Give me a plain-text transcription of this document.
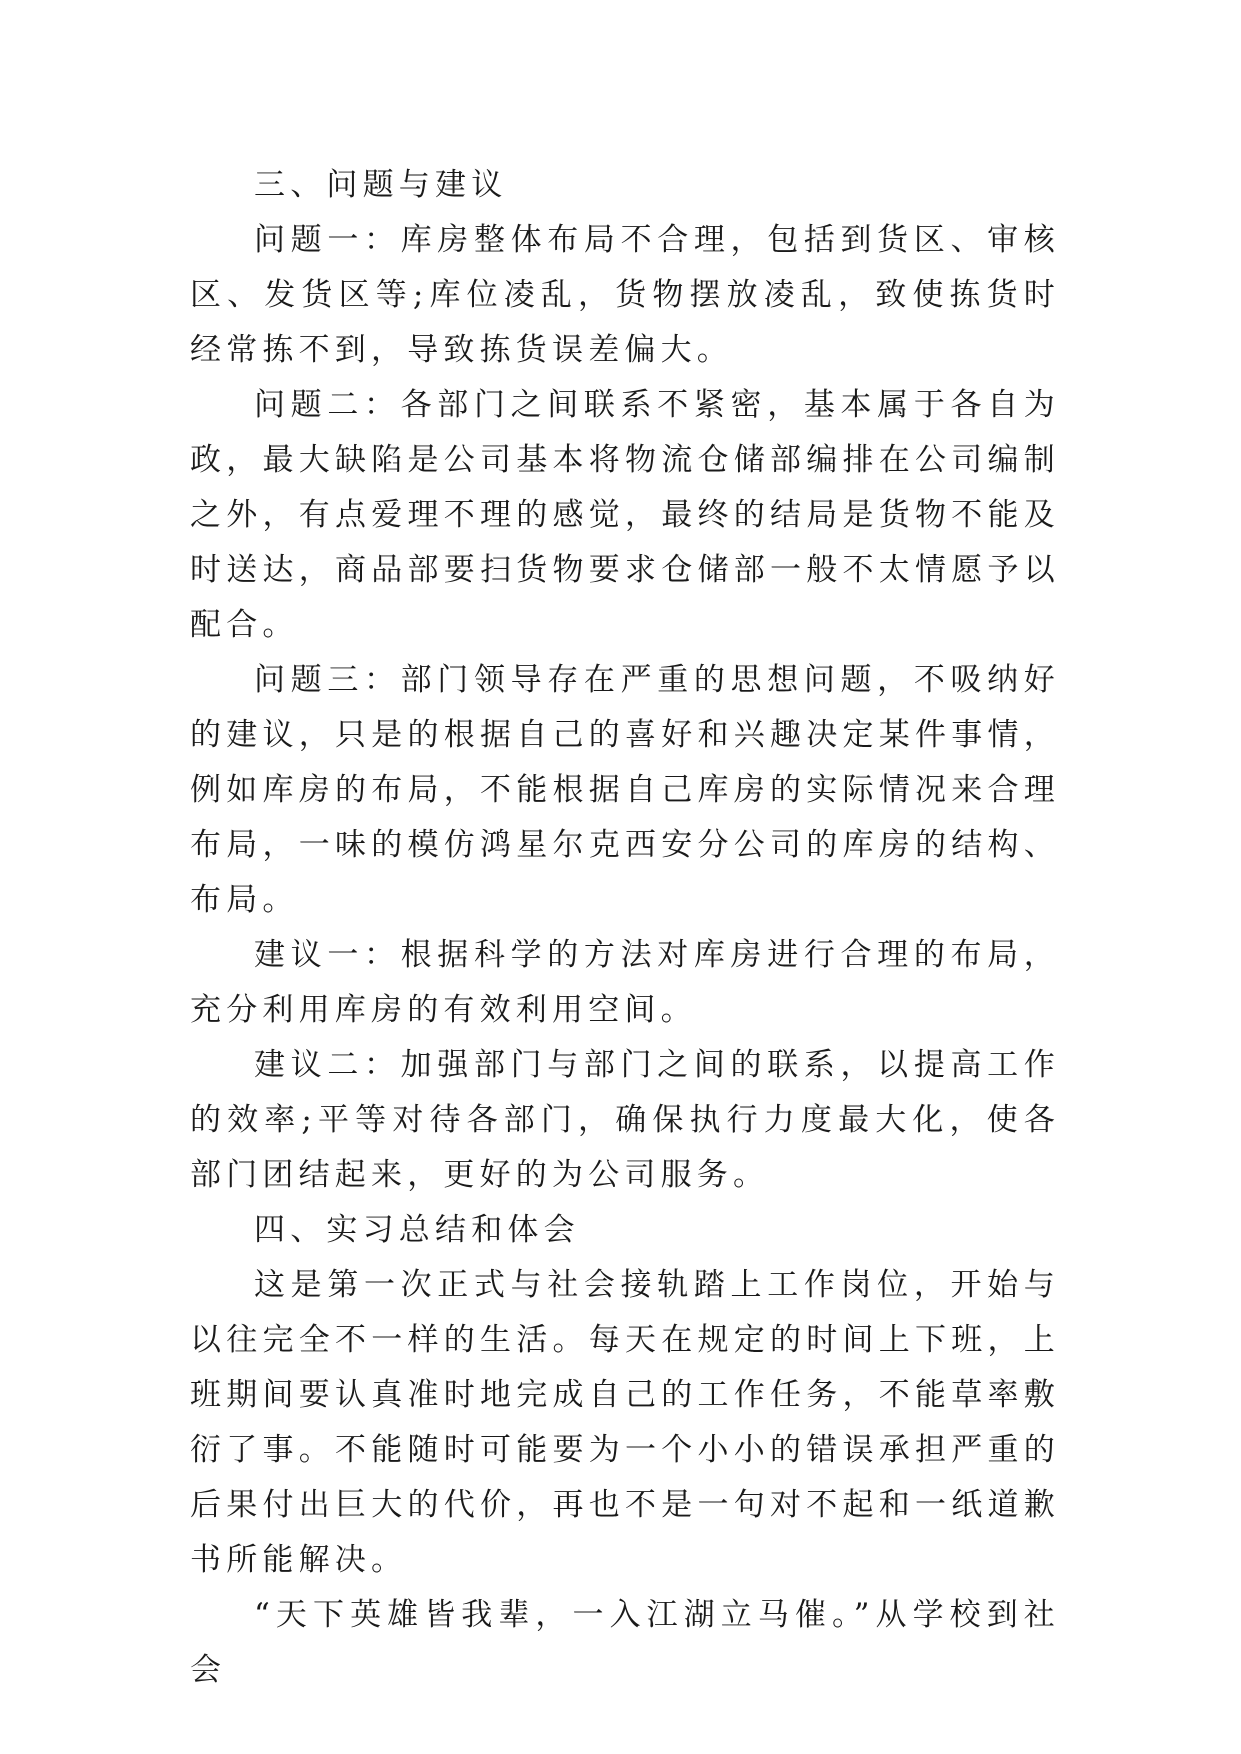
三、问题与建议

问题一：库房整体布局不合理，包括到货区、审核区、发货区等;库位凌乱，货物摆放凌乱，致使拣货时经常拣不到，导致拣货误差偏大。

问题二：各部门之间联系不紧密，基本属于各自为政，最大缺陷是公司基本将物流仓储部编排在公司编制之外，有点爱理不理的感觉，最终的结局是货物不能及时送达，商品部要扫货物要求仓储部一般不太情愿予以配合。

问题三：部门领导存在严重的思想问题，不吸纳好的建议，只是的根据自己的喜好和兴趣决定某件事情，例如库房的布局，不能根据自己库房的实际情况来合理布局，一味的模仿鸿星尔克西安分公司的库房的结构、布局。

建议一：根据科学的方法对库房进行合理的布局，充分利用库房的有效利用空间。

建议二：加强部门与部门之间的联系，以提高工作的效率;平等对待各部门，确保执行力度最大化，使各部门团结起来，更好的为公司服务。

四、实习总结和体会

这是第一次正式与社会接轨踏上工作岗位，开始与以往完全不一样的生活。每天在规定的时间上下班，上班期间要认真准时地完成自己的工作任务，不能草率敷衍了事。不能随时可能要为一个小小的错误承担严重的后果付出巨大的代价，再也不是一句对不起和一纸道歉书所能解决。

“天下英雄皆我辈，一入江湖立马催。”从学校到社会
